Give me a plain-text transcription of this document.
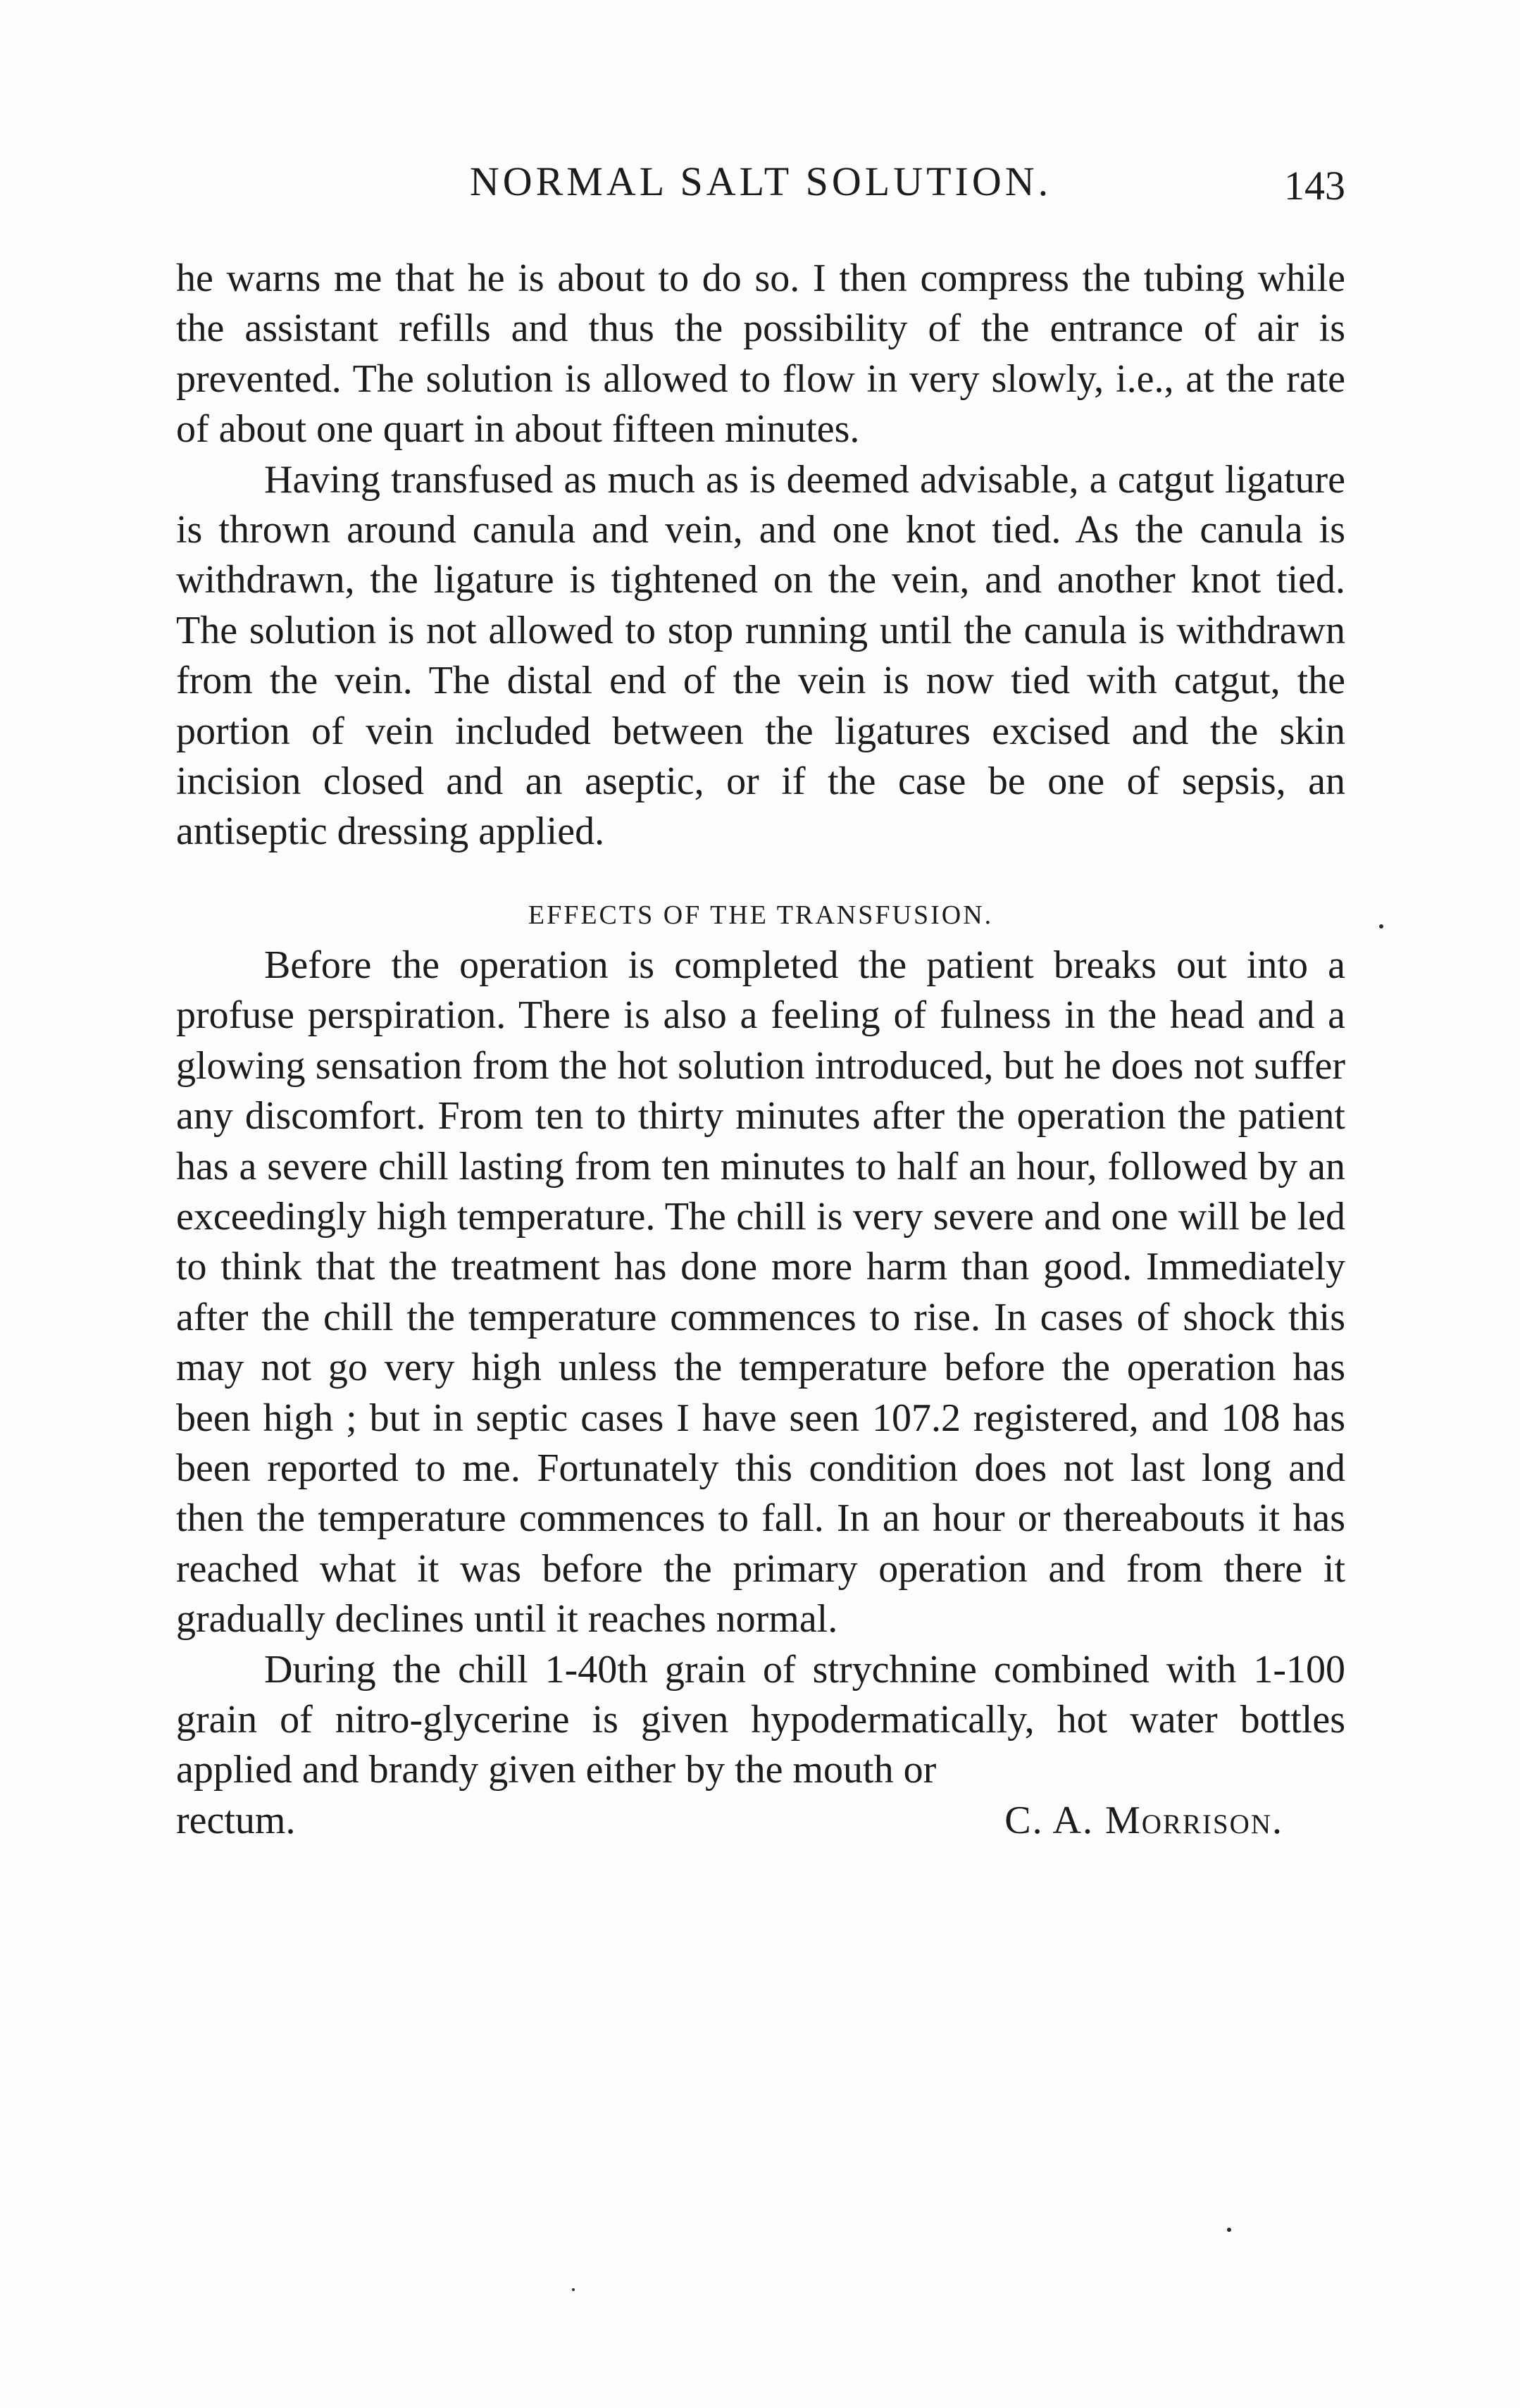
NORMAL SALT SOLUTION.	143

he warns me that he is about to do so. I then compress the tubing while the assistant refills and thus the possibility of the entrance of air is prevented. The solution is allowed to flow in very slowly, i.e., at the rate of about one quart in about fifteen minutes.

Having transfused as much as is deemed advisable, a catgut ligature is thrown around canula and vein, and one knot tied. As the canula is withdrawn, the ligature is tightened on the vein, and another knot tied. The solution is not allowed to stop running until the canula is withdrawn from the vein. The distal end of the vein is now tied with catgut, the portion of vein included between the ligatures excised and the skin incision closed and an aseptic, or if the case be one of sepsis, an antiseptic dressing applied.

EFFECTS OF THE TRANSFUSION.

Before the operation is completed the patient breaks out into a profuse perspiration. There is also a feeling of fulness in the head and a glowing sensation from the hot solution introduced, but he does not suffer any discomfort. From ten to thirty minutes after the operation the patient has a severe chill lasting from ten minutes to half an hour, followed by an exceedingly high temperature. The chill is very severe and one will be led to think that the treatment has done more harm than good. Immediately after the chill the temperature commences to rise. In cases of shock this may not go very high unless the temperature before the operation has been high ; but in septic cases I have seen 107.2 registered, and 108 has been reported to me. Fortunately this condition does not last long and then the temperature commences to fall. In an hour or thereabouts it has reached what it was before the primary operation and from there it gradually declines until it reaches normal.

During the chill 1-40th grain of strychnine combined with 1-100 grain of nitro-glycerine is given hypodermatically, hot water bottles applied and brandy given either by the mouth or

rectum.	C. A. Morrison.
